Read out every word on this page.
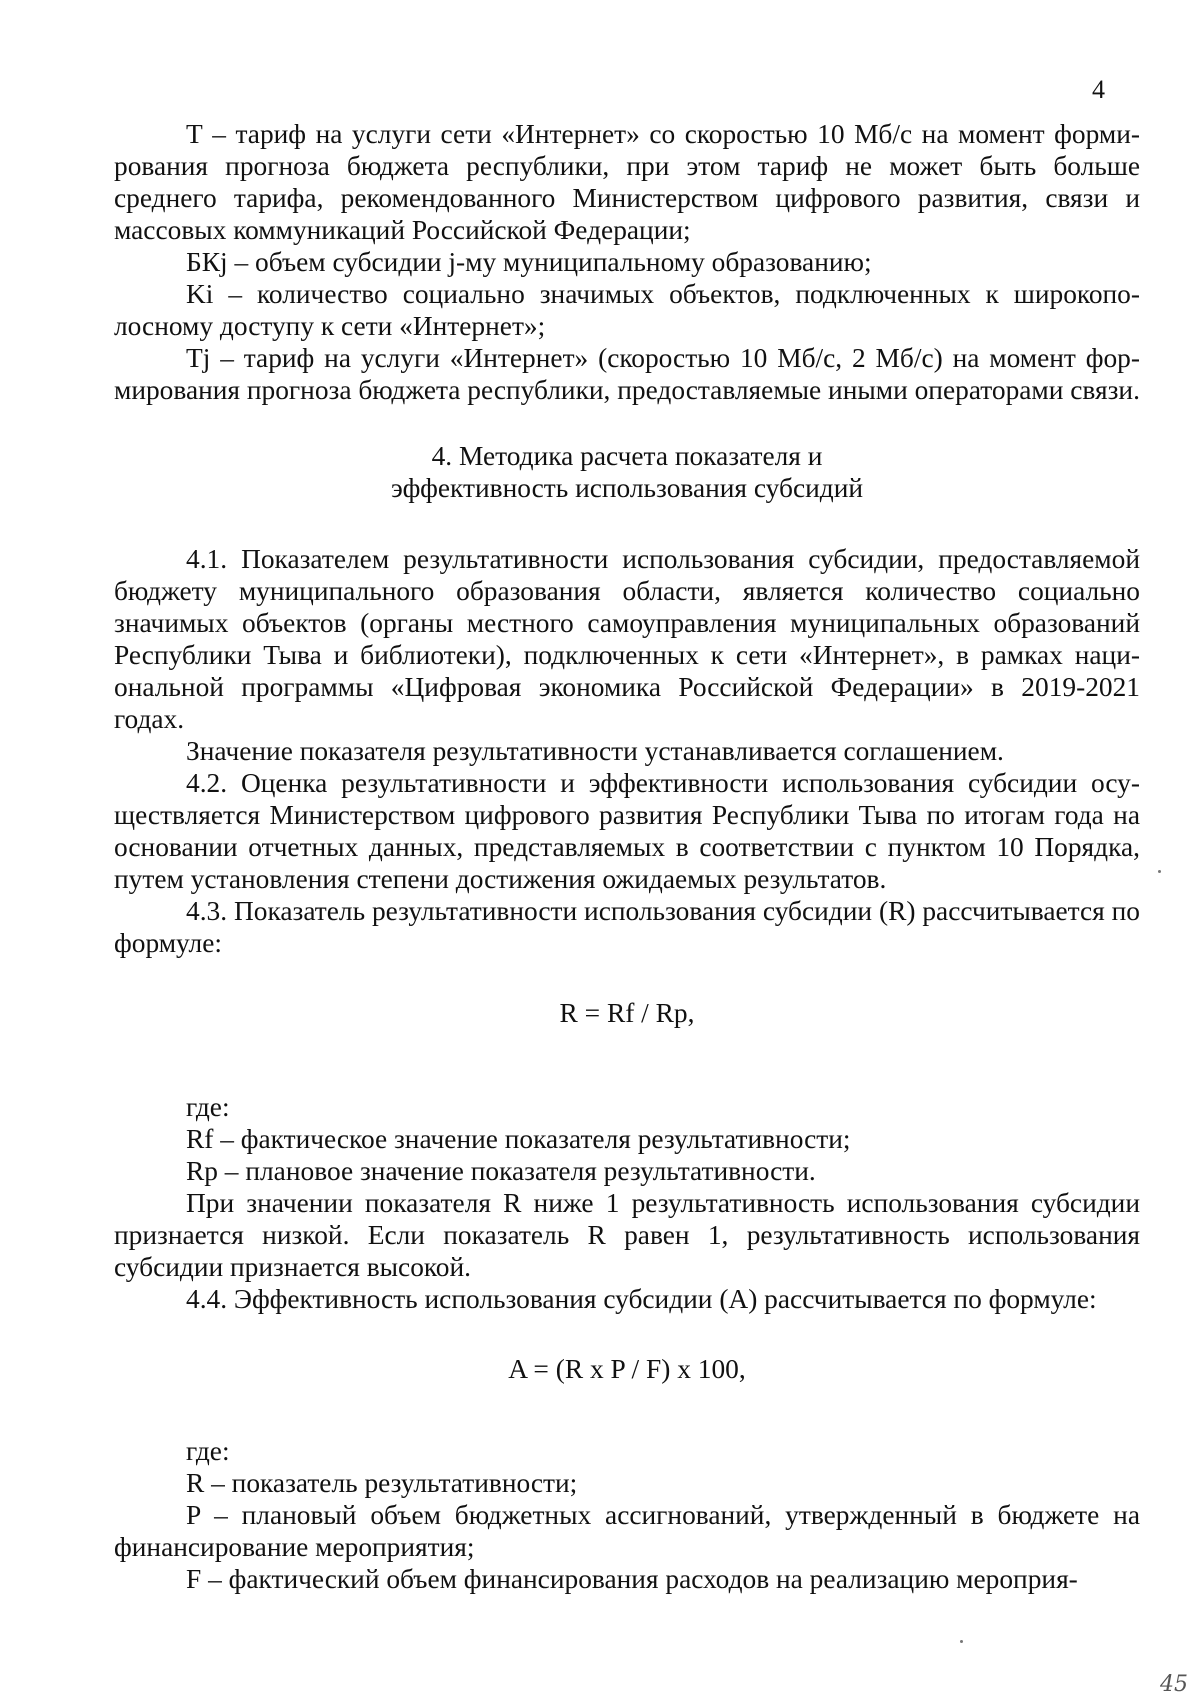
4

Т – тариф на услуги сети «Интернет» со скоростью 10 Мб/с на момент формирования прогноза бюджета республики, при этом тариф не может быть больше среднего тарифа, рекомендованного Министерством цифрового развития, связи и массовых коммуникаций Российской Федерации;

БКj – объем субсидии j-му муниципальному образованию;

Ki – количество социально значимых объектов, подключенных к широкополосному доступу к сети «Интернет»;

Tj – тариф на услуги «Интернет» (скоростью 10 Мб/с, 2 Мб/с) на момент формирования прогноза бюджета республики, предоставляемые иными операторами связи.

4. Методика расчета показателя и
эффективность использования субсидий

4.1. Показателем результативности использования субсидии, предоставляемой бюджету муниципального образования области, является количество социально значимых объектов (органы местного самоуправления муниципальных образований Республики Тыва и библиотеки), подключенных к сети «Интернет», в рамках национальной программы «Цифровая экономика Российской Федерации» в 2019-2021 годах.

Значение показателя результативности устанавливается соглашением.

4.2. Оценка результативности и эффективности использования субсидии осуществляется Министерством цифрового развития Республики Тыва по итогам года на основании отчетных данных, представляемых в соответствии с пунктом 10 Порядка, путем установления степени достижения ожидаемых результатов.

4.3. Показатель результативности использования субсидии (R) рассчитывается по формуле:

R = Rf / Rp,

где:

Rf – фактическое значение показателя результативности;

Rp – плановое значение показателя результативности.

При значении показателя R ниже 1 результативность использования субсидии признается низкой. Если показатель R равен 1, результативность использования субсидии признается высокой.

4.4. Эффективность использования субсидии (A) рассчитывается по формуле:

A = (R x P / F) x 100,

где:

R – показатель результативности;

P – плановый объем бюджетных ассигнований, утвержденный в бюджете на финансирование мероприятия;

F – фактический объем финансирования расходов на реализацию мероприя-

45
